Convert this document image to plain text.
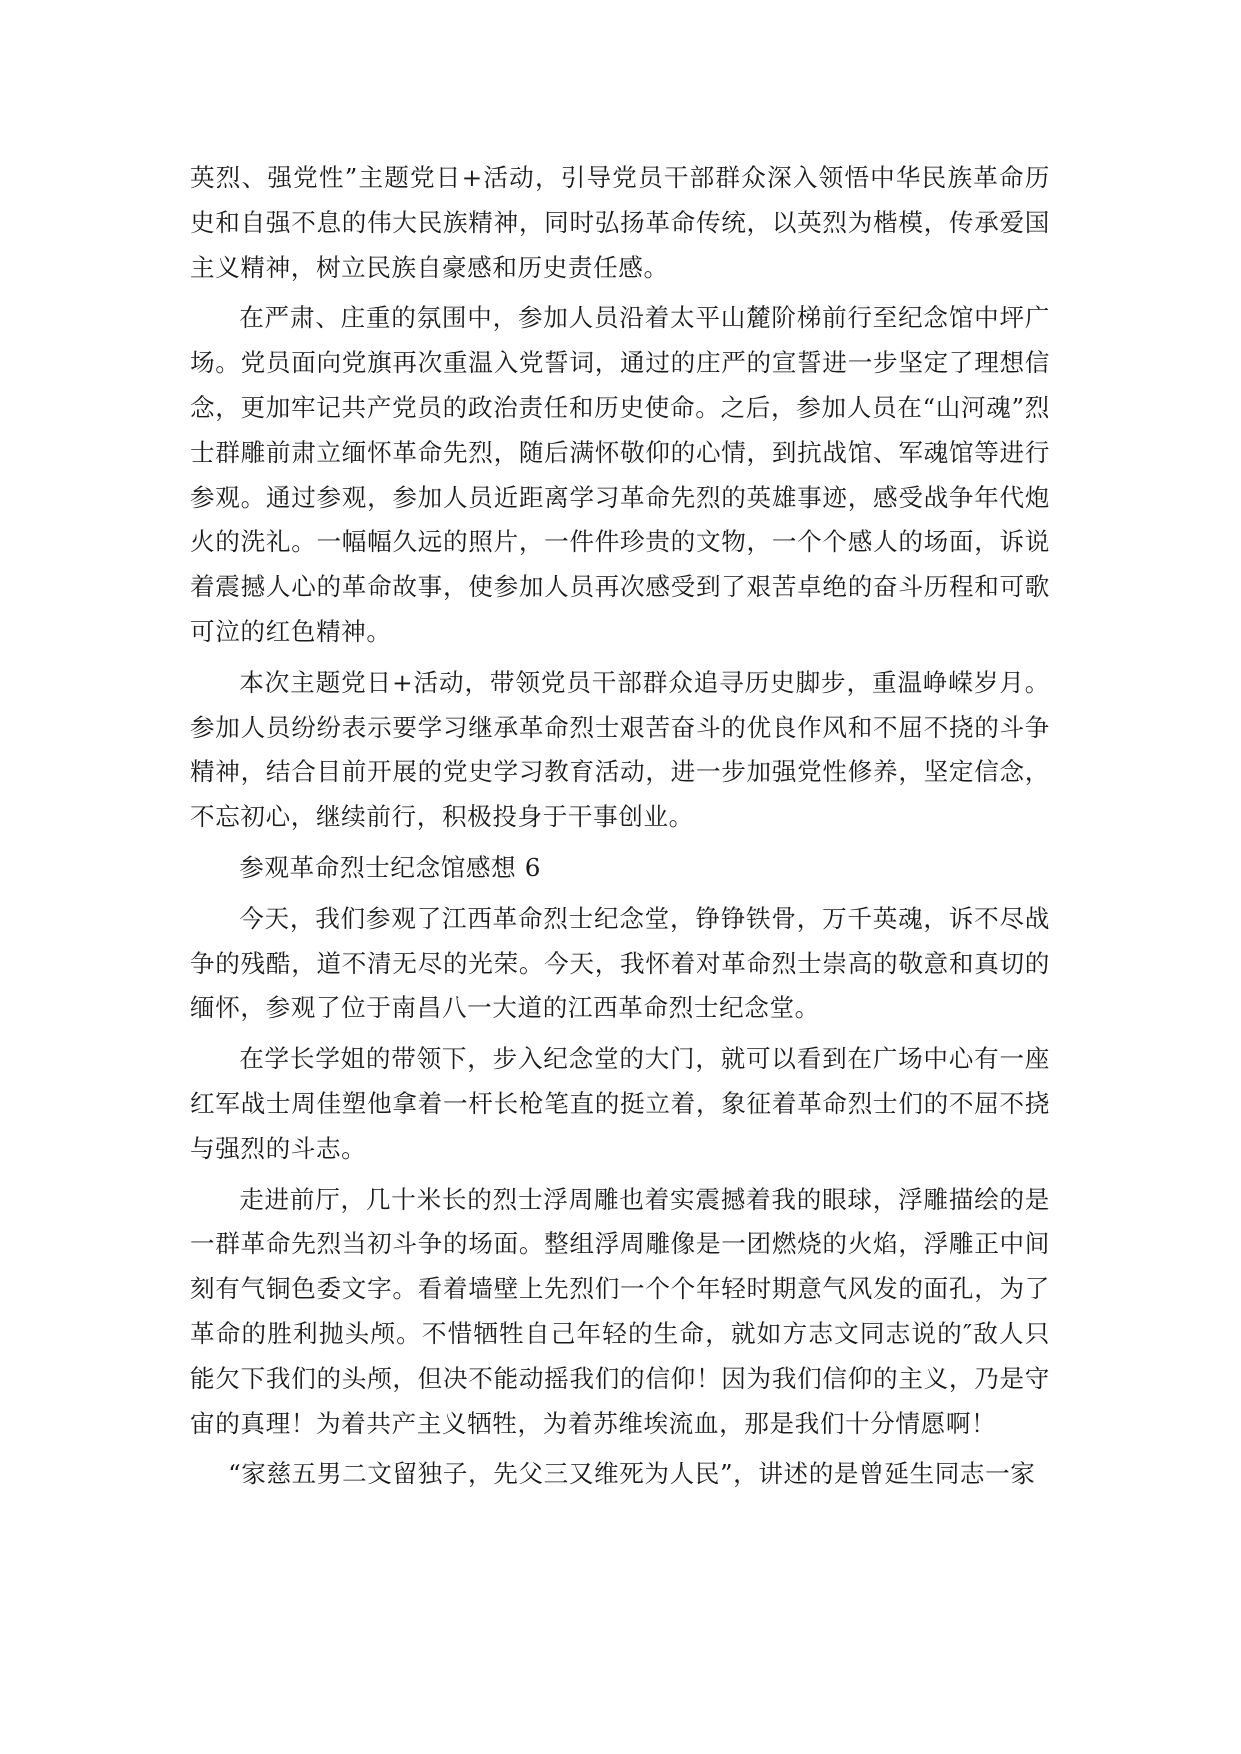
英烈、强党性”主题党日+活动，引导党员干部群众深入领悟中华民族革命历史和自强不息的伟大民族精神，同时弘扬革命传统，以英烈为楷模，传承爱国主义精神，树立民族自豪感和历史责任感。

在严肃、庄重的氛围中，参加人员沿着太平山麓阶梯前行至纪念馆中坪广场。党员面向党旗再次重温入党誓词，通过的庄严的宣誓进一步坚定了理想信念，更加牢记共产党员的政治责任和历史使命。之后，参加人员在“山河魂”烈士群雕前肃立缅怀革命先烈，随后满怀敬仰的心情，到抗战馆、军魂馆等进行参观。通过参观，参加人员近距离学习革命先烈的英雄事迹，感受战争年代炮火的洗礼。一幅幅久远的照片，一件件珍贵的文物，一个个感人的场面，诉说着震撼人心的革命故事，使参加人员再次感受到了艰苦卓绝的奋斗历程和可歌可泣的红色精神。

本次主题党日+活动，带领党员干部群众追寻历史脚步，重温峥嵘岁月。参加人员纷纷表示要学习继承革命烈士艰苦奋斗的优良作风和不屈不挠的斗争精神，结合目前开展的党史学习教育活动，进一步加强党性修养，坚定信念，不忘初心，继续前行，积极投身于干事创业。

参观革命烈士纪念馆感想 6

今天，我们参观了江西革命烈士纪念堂，铮铮铁骨，万千英魂，诉不尽战争的残酷，道不清无尽的光荣。今天，我怀着对革命烈士崇高的敬意和真切的缅怀，参观了位于南昌八一大道的江西革命烈士纪念堂。

在学长学姐的带领下，步入纪念堂的大门，就可以看到在广场中心有一座红军战士周佳塑他拿着一杆长枪笔直的挺立着，象征着革命烈士们的不屈不挠与强烈的斗志。

走进前厅，几十米长的烈士浮周雕也着实震撼着我的眼球，浮雕描绘的是一群革命先烈当初斗争的场面。整组浮周雕像是一团燃烧的火焰，浮雕正中间刻有气铜色委文字。看着墙壁上先烈们一个个年轻时期意气风发的面孔，为了革命的胜利抛头颅。不惜牺牲自己年轻的生命，就如方志文同志说的″敌人只能欠下我们的头颅，但决不能动摇我们的信仰！因为我们信仰的主义，乃是守宙的真理！为着共产主义牺牲，为着苏维埃流血，那是我们十分情愿啊！

“家慈五男二文留独子，先父三又维死为人民”，讲述的是曾延生同志一家
